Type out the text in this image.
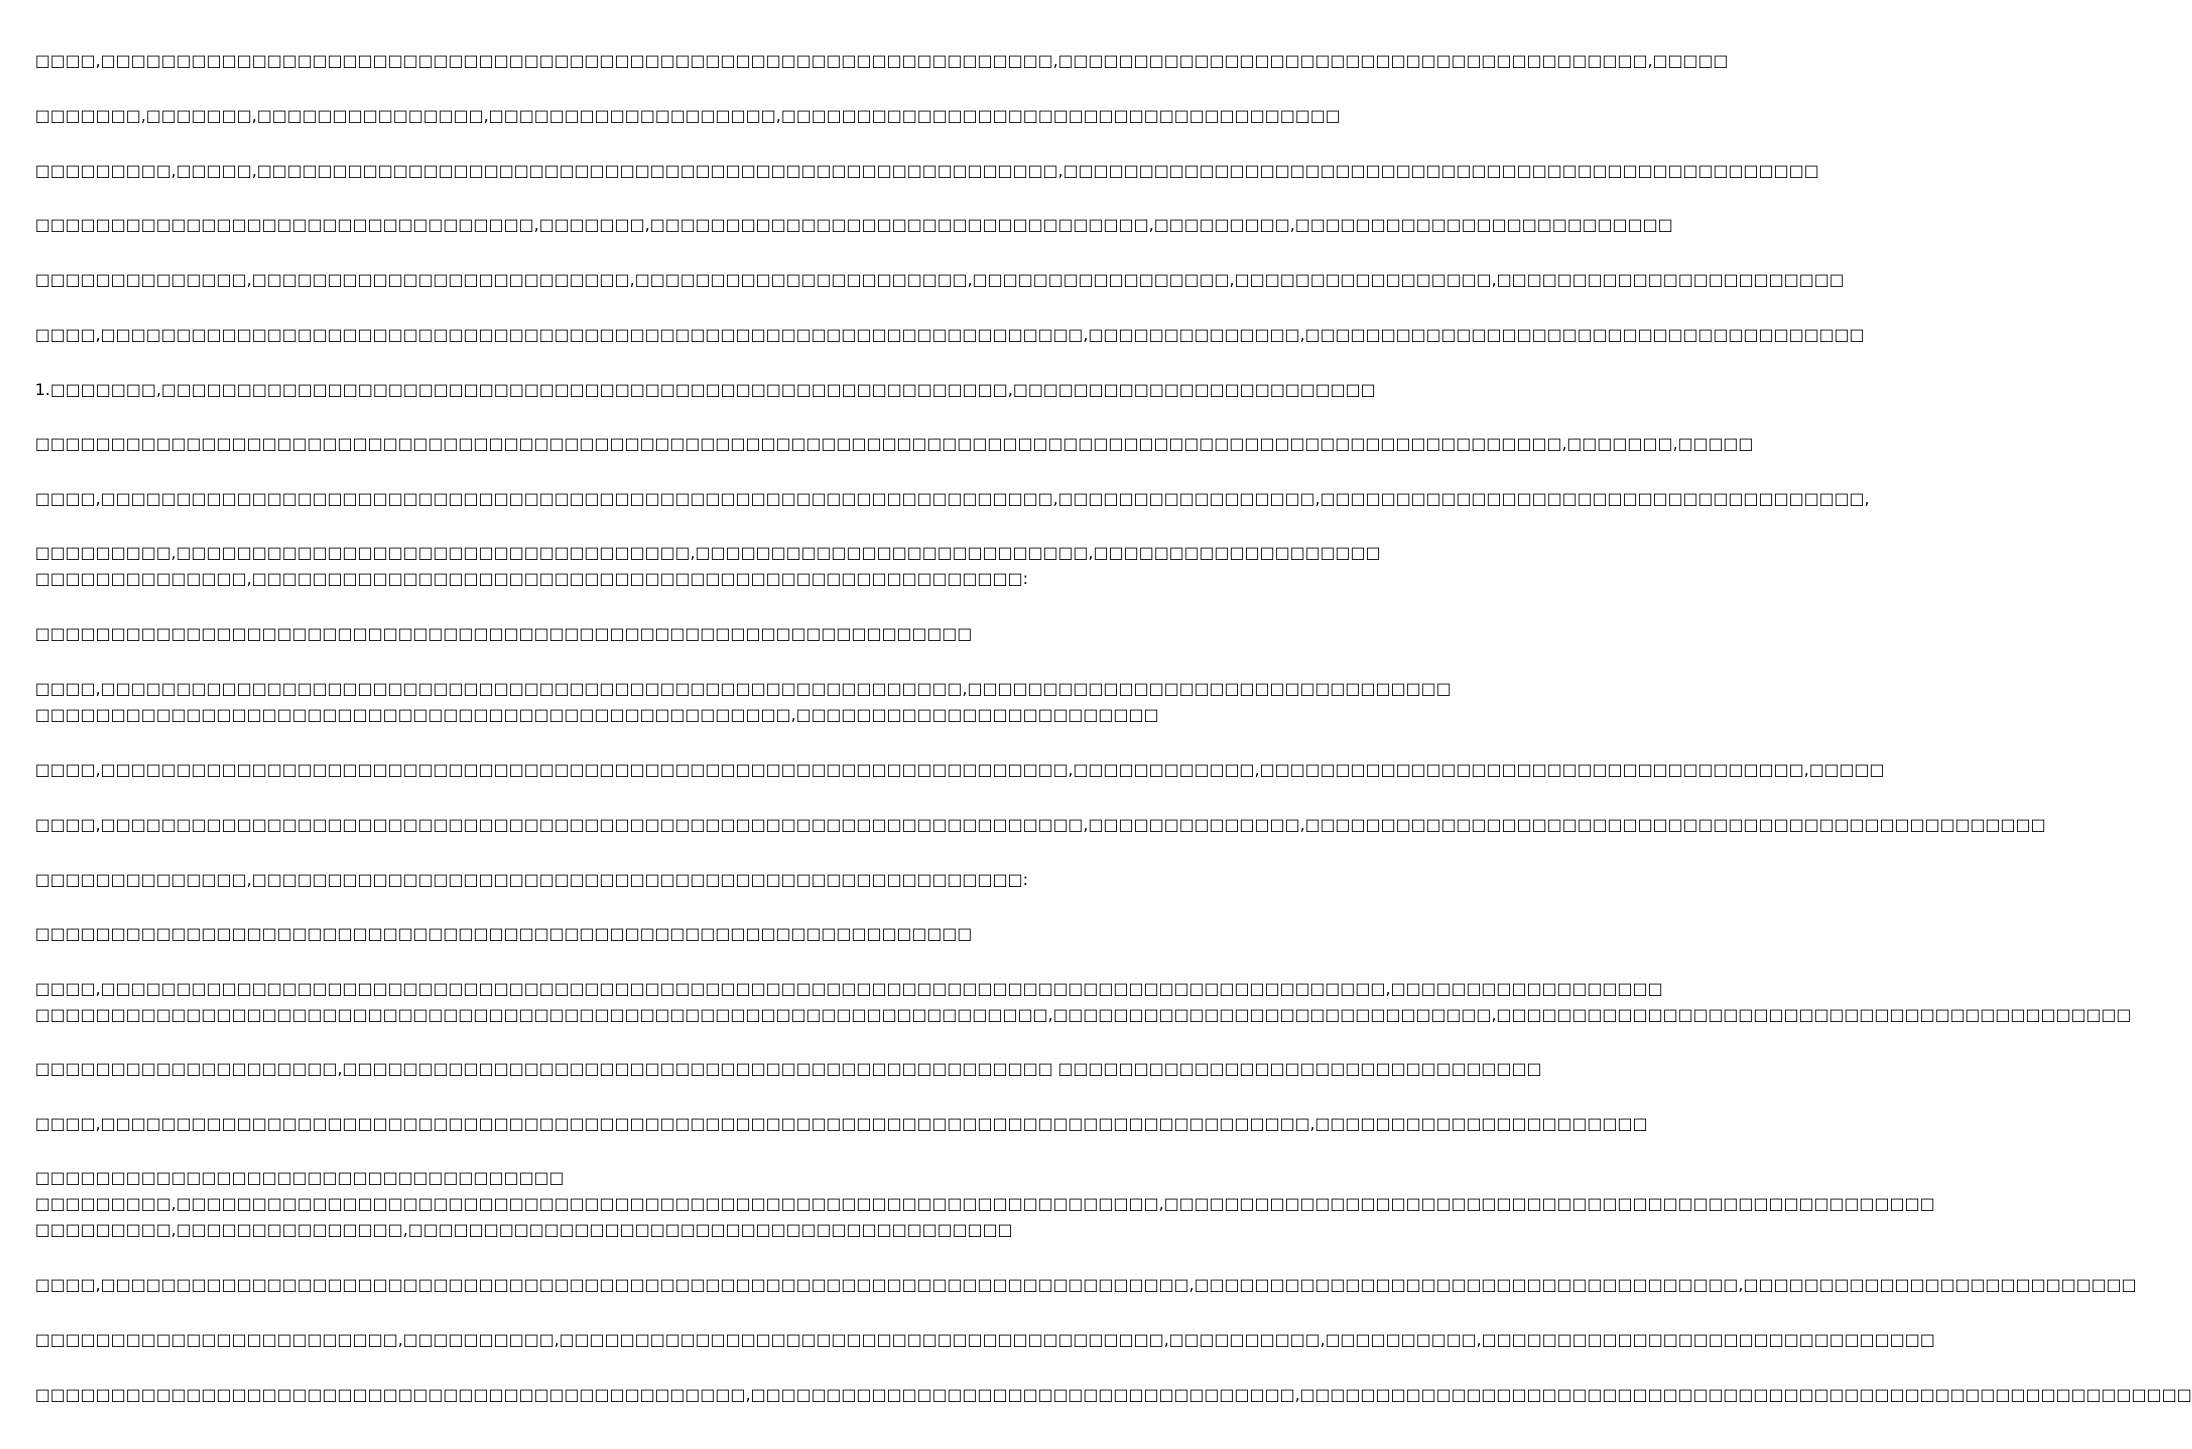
□□□□,□□□□□□□□□□□□□□□□□□□□□□□□□□□□□□□□□□□□□□□□□□□□□□□□□□□□□□□□□□□□□□□,□□□□□□□□□□□□□□□□□□□□□□□□□□□□□□□□□□□□□□□,□□□□□
□□□□□□□,□□□□□□□,□□□□□□□□□□□□□□□,□□□□□□□□□□□□□□□□□□□,□□□□□□□□□□□□□□□□□□□□□□□□□□□□□□□□□□□□□
□□□□□□□□□,□□□□□,□□□□□□□□□□□□□□□□□□□□□□□□□□□□□□□□□□□□□□□□□□□□□□□□□□□□□,□□□□□□□□□□□□□□□□□□□□□□□□□□□□□□□□□□□□□□□□□□□□□□□□□□
□□□□□□□□□□□□□□□□□□□□□□□□□□□□□□□□□,□□□□□□□,□□□□□□□□□□□□□□□□□□□□□□□□□□□□□□□□□,□□□□□□□□□,□□□□□□□□□□□□□□□□□□□□□□□□□
□□□□□□□□□□□□□□,□□□□□□□□□□□□□□□□□□□□□□□□□,□□□□□□□□□□□□□□□□□□□□□□,□□□□□□□□□□□□□□□□□,□□□□□□□□□□□□□□□□□,□□□□□□□□□□□□□□□□□□□□□□□
□□□□,□□□□□□□□□□□□□□□□□□□□□□□□□□□□□□□□□□□□□□□□□□□□□□□□□□□□□□□□□□□□□□□□□,□□□□□□□□□□□□□□,□□□□□□□□□□□□□□□□□□□□□□□□□□□□□□□□□□□□□
1.□□□□□□□,□□□□□□□□□□□□□□□□□□□□□□□□□□□□□□□□□□□□□□□□□□□□□□□□□□□□□□□□,□□□□□□□□□□□□□□□□□□□□□□□□
□□□□□□□□□□□□□□□□□□□□□□□□□□□□□□□□□□□□□□□□□□□□□□□□□□□□□□□□□□□□□□□□□□□□□□□□□□□□□□□□□□□□□□□□□□□□□□□□□□□□□,□□□□□□□,□□□□□
□□□□,□□□□□□□□□□□□□□□□□□□□□□□□□□□□□□□□□□□□□□□□□□□□□□□□□□□□□□□□□□□□□□□,□□□□□□□□□□□□□□□□□,□□□□□□□□□□□□□□□□□□□□□□□□□□□□□□□□□□□□,
□□□□□□□□□,□□□□□□□□□□□□□□□□□□□□□□□□□□□□□□□□□□,□□□□□□□□□□□□□□□□□□□□□□□□□□,□□□□□□□□□□□□□□□□□□□
□□□□□□□□□□□□□□,□□□□□□□□□□□□□□□□□□□□□□□□□□□□□□□□□□□□□□□□□□□□□□□□□□□:
□□□□□□□□□□□□□□□□□□□□□□□□□□□□□□□□□□□□□□□□□□□□□□□□□□□□□□□□□□□□□□
□□□□,□□□□□□□□□□□□□□□□□□□□□□□□□□□□□□□□□□□□□□□□□□□□□□□□□□□□□□□□□,□□□□□□□□□□□□□□□□□□□□□□□□□□□□□□□□
□□□□□□□□□□□□□□□□□□□□□□□□□□□□□□□□□□□□□□□□□□□□□□□□□□,□□□□□□□□□□□□□□□□□□□□□□□□
□□□□,□□□□□□□□□□□□□□□□□□□□□□□□□□□□□□□□□□□□□□□□□□□□□□□□□□□□□□□□□□□□□□□□,□□□□□□□□□□□□,□□□□□□□□□□□□□□□□□□□□□□□□□□□□□□□□□□□□,□□□□□
□□□□,□□□□□□□□□□□□□□□□□□□□□□□□□□□□□□□□□□□□□□□□□□□□□□□□□□□□□□□□□□□□□□□□□,□□□□□□□□□□□□□□,□□□□□□□□□□□□□□□□□□□□□□□□□□□□□□□□□□□□□□□□□□□□□□□□□
□□□□□□□□□□□□□□,□□□□□□□□□□□□□□□□□□□□□□□□□□□□□□□□□□□□□□□□□□□□□□□□□□□:
□□□□□□□□□□□□□□□□□□□□□□□□□□□□□□□□□□□□□□□□□□□□□□□□□□□□□□□□□□□□□□
□□□□,□□□□□□□□□□□□□□□□□□□□□□□□□□□□□□□□□□□□□□□□□□□□□□□□□□□□□□□□□□□□□□□□□□□□□□□□□□□□□□□□□□□□□,□□□□□□□□□□□□□□□□□□
□□□□□□□□□□□□□□□□□□□□□□□□□□□□□□□□□□□□□□□□□□□□□□□□□□□□□□□□□□□□□□□□□□□,□□□□□□□□□□□□□□□□□□□□□□□□□□□□□,□□□□□□□□□□□□□□□□□□□□□□□□□□□□□□□□□□□□□□□□□□
□□□□□□□□□□□□□□□□□□□□,□□□□□□□□□□□□□□□□□□□□□□□□□□□□□□□□□□□□□□□□□□□□□□□ □□□□□□□□□□□□□□□□□□□□□□□□□□□□□□□□
□□□□,□□□□□□□□□□□□□□□□□□□□□□□□□□□□□□□□□□□□□□□□□□□□□□□□□□□□□□□□□□□□□□□□□□□□□□□□□□□□□□□□,□□□□□□□□□□□□□□□□□□□□□□
□□□□□□□□□□□□□□□□□□□□□□□□□□□□□□□□□□□
□□□□□□□□□,□□□□□□□□□□□□□□□□□□□□□□□□□□□□□□□□□□□□□□□□□□□□□□□□□□□□□□□□□□□□□□□□□,□□□□□□□□□□□□□□□□□□□□□□□□□□□□□□□□□□□□□□□□□□□□□□□□□□□
□□□□□□□□□,□□□□□□□□□□□□□□□,□□□□□□□□□□□□□□□□□□□□□□□□□□□□□□□□□□□□□□□□
□□□□,□□□□□□□□□□□□□□□□□□□□□□□□□□□□□□□□□□□□□□□□□□□□□□□□□□□□□□□□□□□□□□□□□□□□□□□□,□□□□□□□□□□□□□□□□□□□□□□□□□□□□□□□□□□□□,□□□□□□□□□□□□□□□□□□□□□□□□□□
□□□□□□□□□□□□□□□□□□□□□□□□,□□□□□□□□□□,□□□□□□□□□□□□□□□□□□□□□□□□□□□□□□□□□□□□□□□□,□□□□□□□□□□,□□□□□□□□□□,□□□□□□□□□□□□□□□□□□□□□□□□□□□□□□
□□□□□□□□□□□□□□□□□□□□□□□□□□□□□□□□□□□□□□□□□□□□□□□,□□□□□□□□□□□□□□□□□□□□□□□□□□□□□□□□□□□□,□□□□□□□□□□□□□□□□□□□□□□□□□□□□□□□□□□□□□□□□□□□□□□□□□□□□□□□□□□□
